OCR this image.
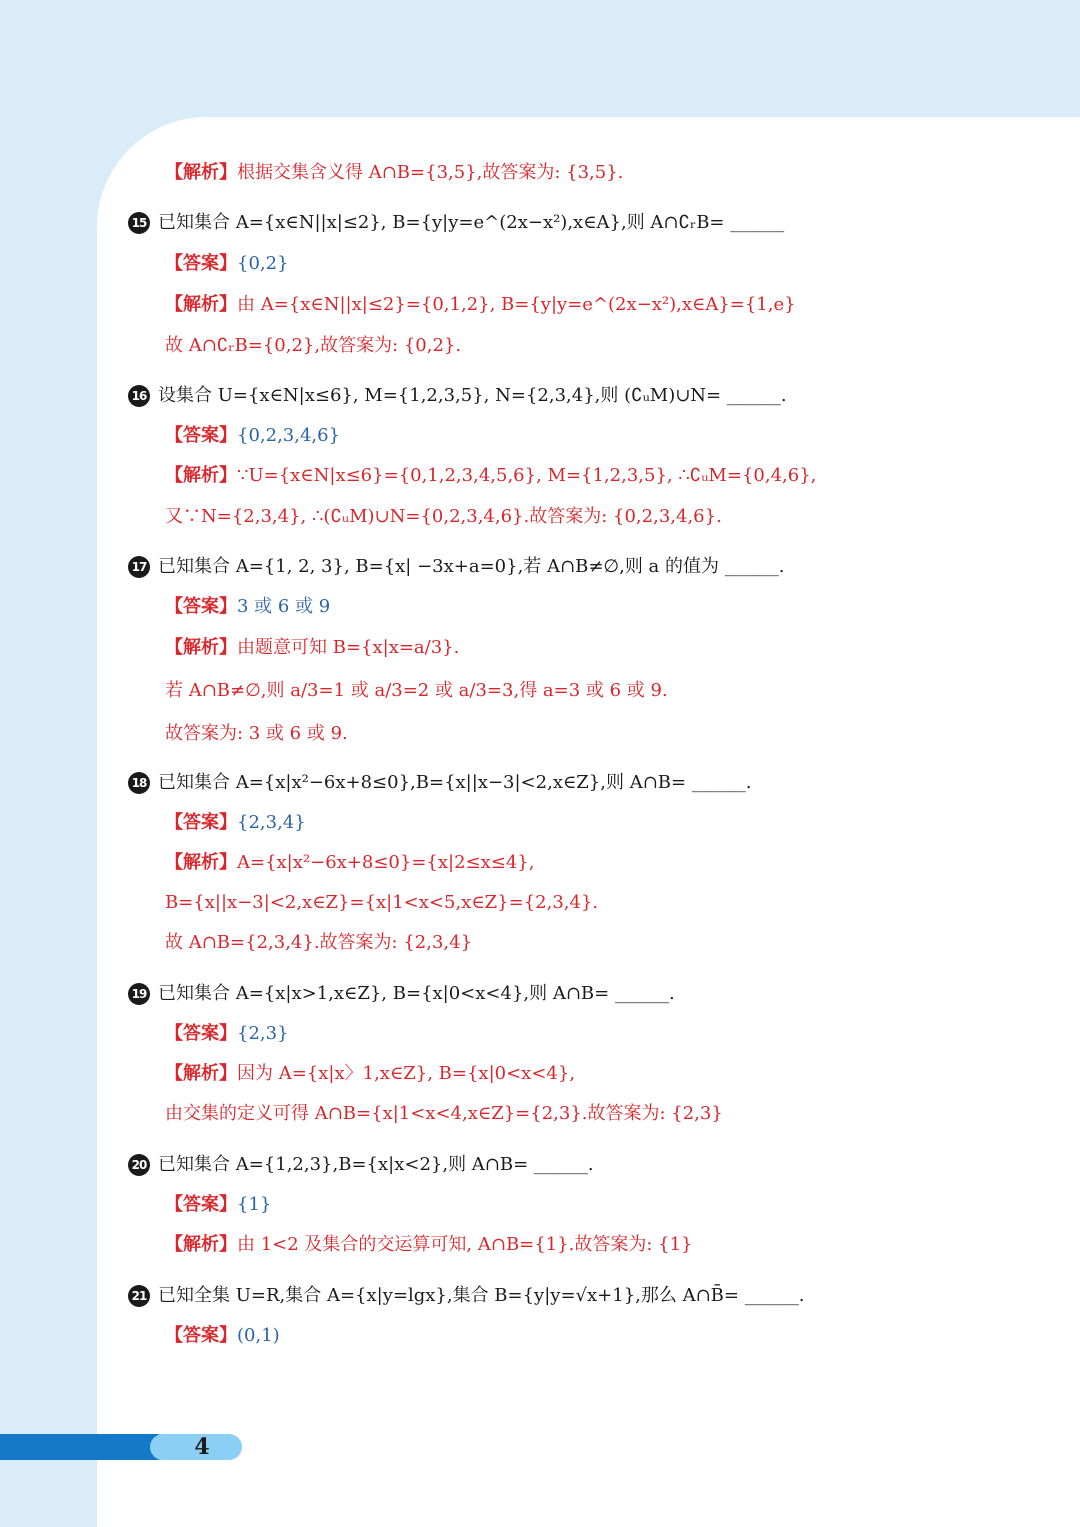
【解析】根据交集含义得 A∩B={3,5},故答案为: {3,5}.
15 已知集合 A={x∈N||x|≤2}, B={y|y=e^(2x−x²),x∈A},则 A∩∁ᵣB= ______
【答案】{0,2}
【解析】由 A={x∈N||x|≤2}={0,1,2}, B={y|y=e^(2x−x²),x∈A}={1,e}
故 A∩∁ᵣB={0,2},故答案为: {0,2}.
16 设集合 U={x∈N|x≤6}, M={1,2,3,5}, N={2,3,4},则 (∁ᵤM)∪N= ______.
【答案】{0,2,3,4,6}
【解析】∵U={x∈N|x≤6}={0,1,2,3,4,5,6}, M={1,2,3,5}, ∴∁ᵤM={0,4,6},
又∵N={2,3,4}, ∴(∁ᵤM)∪N={0,2,3,4,6}.故答案为: {0,2,3,4,6}.
17 已知集合 A={1, 2, 3}, B={x| −3x+a=0},若 A∩B≠∅,则 a 的值为 ______.
【答案】3 或 6 或 9
【解析】由题意可知 B={x|x=a/3}.
若 A∩B≠∅,则 a/3=1 或 a/3=2 或 a/3=3,得 a=3 或 6 或 9.
故答案为: 3 或 6 或 9.
18 已知集合 A={x|x²−6x+8≤0},B={x||x−3|<2,x∈Z},则 A∩B= ______.
【答案】{2,3,4}
【解析】A={x|x²−6x+8≤0}={x|2≤x≤4},
B={x||x−3|<2,x∈Z}={x|1<x<5,x∈Z}={2,3,4}.
故 A∩B={2,3,4}.故答案为: {2,3,4}
19 已知集合 A={x|x>1,x∈Z}, B={x|0<x<4},则 A∩B= ______.
【答案】{2,3}
【解析】因为 A={x|x〉1,x∈Z}, B={x|0<x<4},
由交集的定义可得 A∩B={x|1<x<4,x∈Z}={2,3}.故答案为: {2,3}
20 已知集合 A={1,2,3},B={x|x<2},则 A∩B= ______.
【答案】{1}
【解析】由 1<2 及集合的交运算可知, A∩B={1}.故答案为: {1}
21 已知全集 U=R,集合 A={x|y=lgx},集合 B={y|y=√x+1},那么 A∩B̄= ______.
【答案】(0,1)
4
